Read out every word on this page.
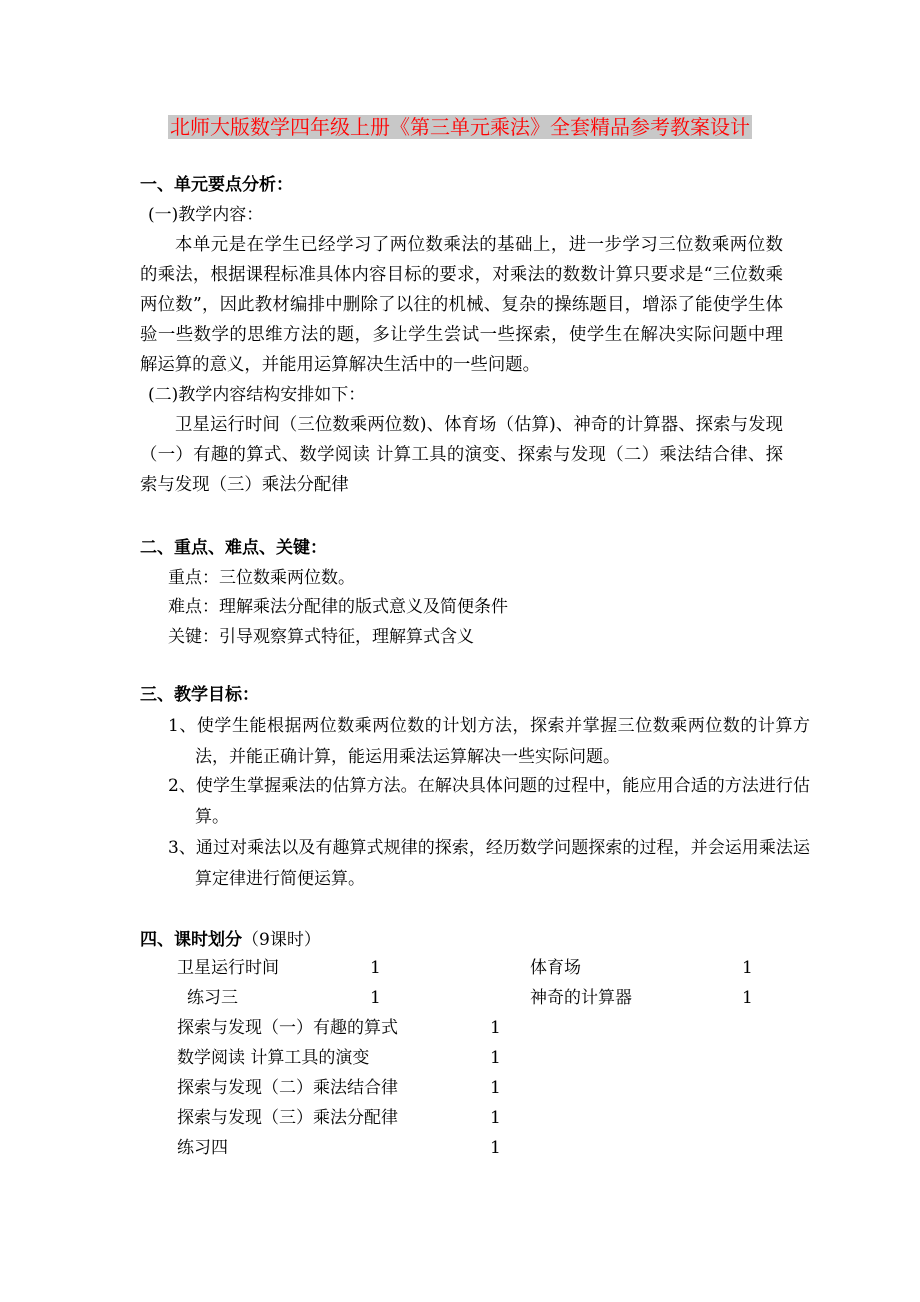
北师大版数学四年级上册《第三单元乘法》全套精品参考教案设计
一、单元要点分析：
(一)教学内容：
本单元是在学生已经学习了两位数乘法的基础上，进一步学习三位数乘两位数的乘法，根据课程标准具体内容目标的要求，对乘法的数数计算只要求是“三位数乘两位数”，因此教材编排中删除了以往的机械、复杂的操练题目，增添了能使学生体验一些数学的思维方法的题，多让学生尝试一些探索，使学生在解决实际问题中理解运算的意义，并能用运算解决生活中的一些问题。
(二)教学内容结构安排如下：
卫星运行时间（三位数乘两位数)、体育场（估算)、神奇的计算器、探索与发现（一）有趣的算式、数学阅读 计算工具的演变、探索与发现（二）乘法结合律、探索与发现（三）乘法分配律
二、重点、难点、关键：
重点：三位数乘两位数。
难点：理解乘法分配律的版式意义及简便条件
关键：引导观察算式特征，理解算式含义
三、教学目标：
1、使学生能根据两位数乘两位数的计划方法，探索并掌握三位数乘两位数的计算方法，并能正确计算，能运用乘法运算解决一些实际问题。
2、使学生掌握乘法的估算方法。在解决具体问题的过程中，能应用合适的方法进行估算。
3、通过对乘法以及有趣算式规律的探索，经历数学问题探索的过程，并会运用乘法运算定律进行简便运算。
四、课时划分（9课时）
卫星运行时间	1	体育场	1
练习三	1	神奇的计算器	1
探索与发现（一）有趣的算式	1
数学阅读 计算工具的演变	1
探索与发现（二）乘法结合律	1
探索与发现（三）乘法分配律	1
练习四	1
